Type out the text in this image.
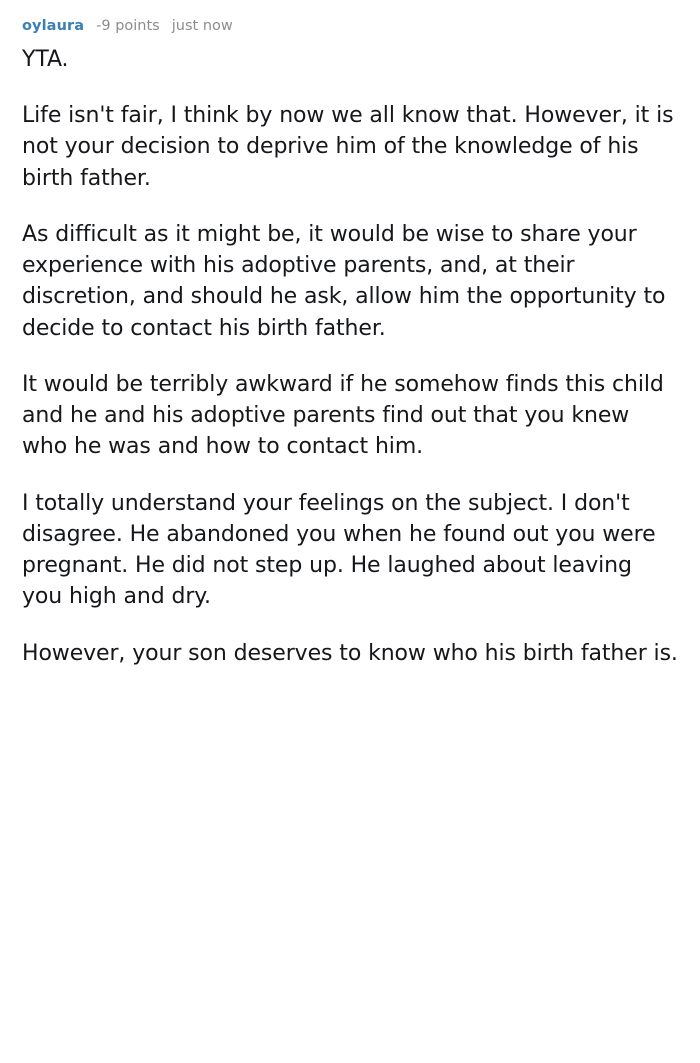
oylaura -9 points just now

YTA.

Life isn't fair, I think by now we all know that. However, it is not your decision to deprive him of the knowledge of his birth father.

As difficult as it might be, it would be wise to share your experience with his adoptive parents, and, at their discretion, and should he ask, allow him the opportunity to decide to contact his birth father.

It would be terribly awkward if he somehow finds this child and he and his adoptive parents find out that you knew who he was and how to contact him.

I totally understand your feelings on the subject. I don't disagree. He abandoned you when he found out you were pregnant. He did not step up. He laughed about leaving you high and dry.

However, your son deserves to know who his birth father is.
